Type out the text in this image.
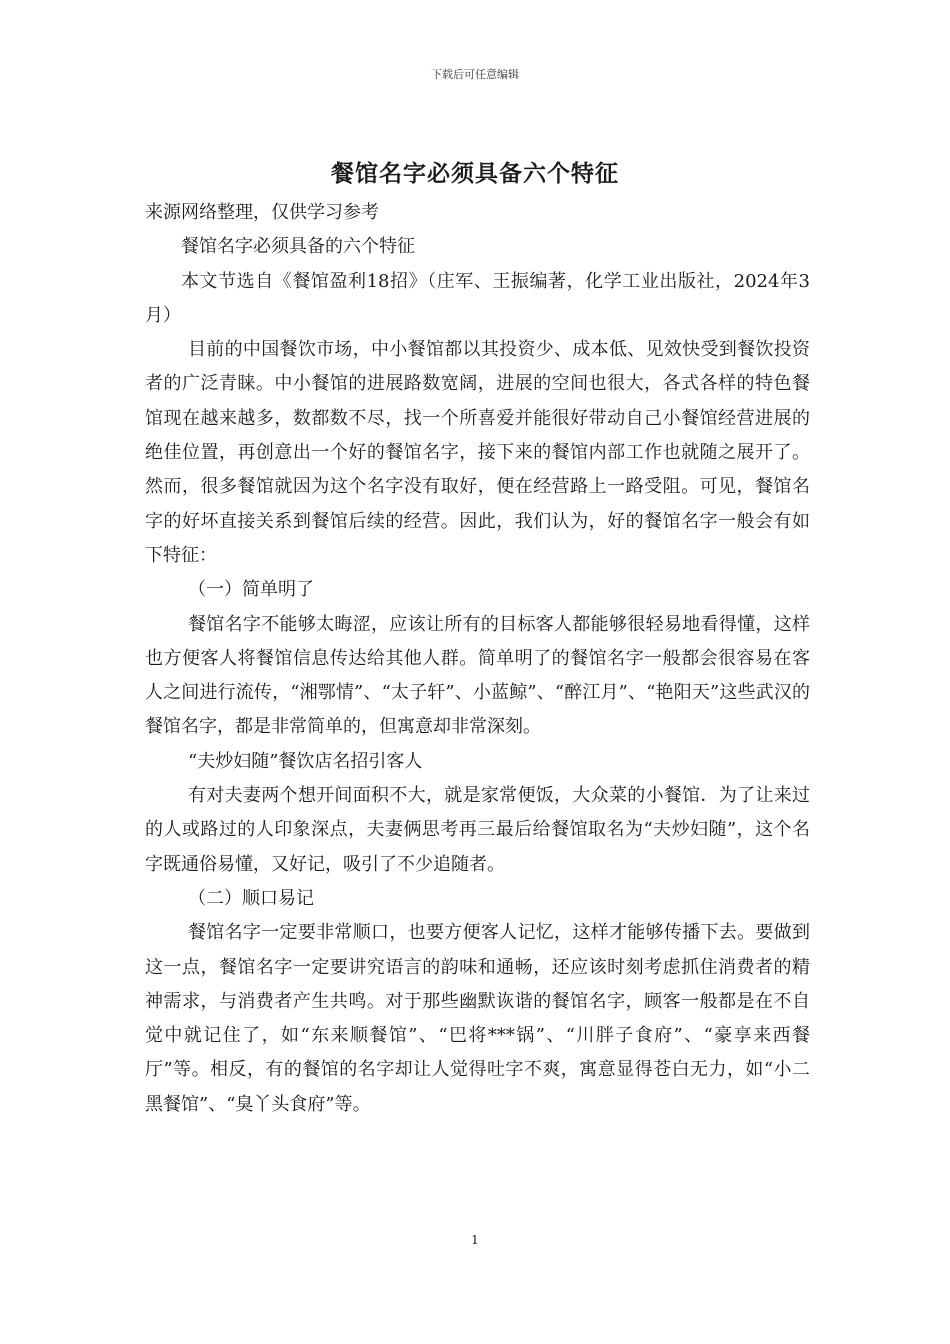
下载后可任意编辑
餐馆名字必须具备六个特征

来源网络整理，仅供学习参考

餐馆名字必须具备的六个特征

本文节选自《餐馆盈利18招》（庄军、王振编著，化学工业出版社，2024年3月）

目前的中国餐饮市场，中小餐馆都以其投资少、成本低、见效快受到餐饮投资者的广泛青睐。中小餐馆的进展路数宽阔，进展的空间也很大，各式各样的特色餐馆现在越来越多，数都数不尽，找一个所喜爱并能很好带动自己小餐馆经营进展的绝佳位置，再创意出一个好的餐馆名字，接下来的餐馆内部工作也就随之展开了。然而，很多餐馆就因为这个名字没有取好，便在经营路上一路受阻。可见，餐馆名字的好坏直接关系到餐馆后续的经营。因此，我们认为，好的餐馆名字一般会有如下特征：

（一）简单明了

餐馆名字不能够太晦涩，应该让所有的目标客人都能够很轻易地看得懂，这样也方便客人将餐馆信息传达给其他人群。简单明了的餐馆名字一般都会很容易在客人之间进行流传，“湘鄂情”、“太子轩”、小蓝鲸”、“醉江月”、“艳阳天”这些武汉的餐馆名字，都是非常简单的，但寓意却非常深刻。

“夫炒妇随”餐饮店名招引客人

有对夫妻两个想开间面积不大，就是家常便饭，大众菜的小餐馆．为了让来过的人或路过的人印象深点，夫妻俩思考再三最后给餐馆取名为“夫炒妇随”，这个名字既通俗易懂，又好记，吸引了不少追随者。

（二）顺口易记

餐馆名字一定要非常顺口，也要方便客人记忆，这样才能够传播下去。要做到这一点，餐馆名字一定要讲究语言的韵味和通畅，还应该时刻考虑抓住消费者的精神需求，与消费者产生共鸣。对于那些幽默诙谐的餐馆名字，顾客一般都是在不自觉中就记住了，如“东来顺餐馆”、“巴将***锅”、“川胖子食府”、“豪享来西餐厅”等。相反，有的餐馆的名字却让人觉得吐字不爽，寓意显得苍白无力，如“小二黑餐馆”、“臭丫头食府”等。

1
